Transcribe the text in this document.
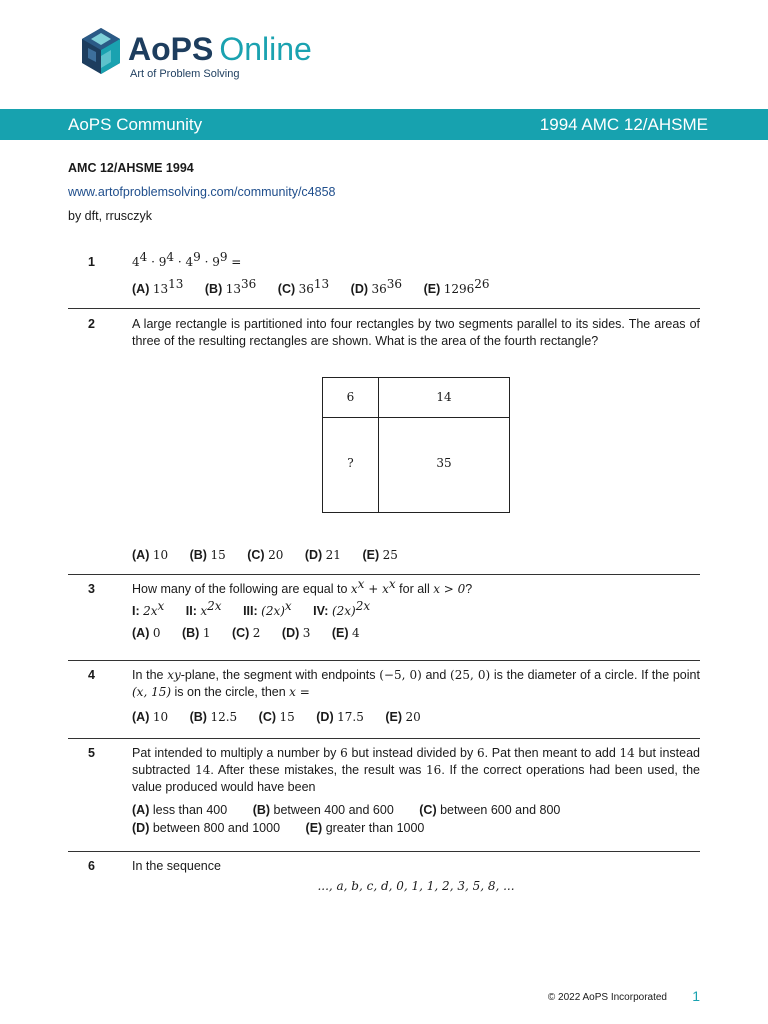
AoPS Online
Art of Problem Solving
AoPS Community	1994 AMC 12/AHSME
AMC 12/AHSME 1994
www.artofproblemsolving.com/community/c4858
by dft, rrusczyk
1	$4^4 \cdot 9^4 \cdot 4^9 \cdot 9^9$ =
(A) $13^{13}$ (B) $13^{36}$ (C) $36^{13}$ (D) $36^{36}$ (E) 1296$^{26}$
2	A large rectangle is partitioned into four rectangles by two segments parallel to its sides. The areas of three of the resulting rectangles are shown. What is the area of the fourth rectangle?
6	14
?	35
(A) 10 (B) 15 (C) 20 (D) 21 (E) 25
3	How many of the following are equal to $x^x + x^x$ for all x > 0?
I: $2x^x$ II: $x^{2x}$ III: $(2x)^x$ IV: $(2x)^{2x}$
(A) 0 (B) 1 (C) 2 (D) 3 (E) 4
4	In the xy-plane, the segment with endpoints (−5, 0) and (25, 0) is the diameter of a circle. If the point (x, 15) is on the circle, then x =
(A) 10 (B) 12.5 (C) 15 (D) 17.5 (E) 20
5	Pat intended to multiply a number by 6 but instead divided by 6. Pat then meant to add 14 but instead subtracted 14. After these mistakes, the result was 16. If the correct operations had been used, the value produced would have been
(A) less than 400 (B) between 400 and 600 (C) between 600 and 800
(D) between 800 and 1000 (E) greater than 1000
6	In the sequence
..., a, b, c, d, 0, 1, 1, 2, 3, 5, 8, ...
© 2022 AoPS Incorporated 1
